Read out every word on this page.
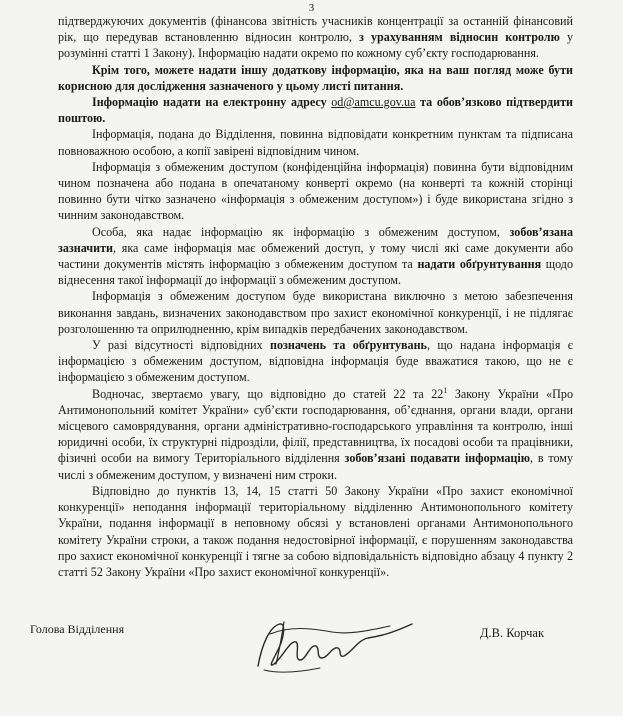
3

підтверджуючих документів (фінансова звітність учасників концентрації за останній фінансовий рік, що передував встановленню відносин контролю, з урахуванням відносин контролю у розумінні статті 1 Закону). Інформацію надати окремо по кожному суб’єкту господарювання.

Крім того, можете надати іншу додаткову інформацію, яка на ваш погляд може бути корисною для дослідження зазначеного у цьому листі питання.

Інформацію надати на електронну адресу od@amcu.gov.ua та обов’язково підтвердити поштою.

Інформація, подана до Відділення, повинна відповідати конкретним пунктам та підписана повноважною особою, а копії завірені відповідним чином.

Інформація з обмеженим доступом (конфіденційна інформація) повинна бути відповідним чином позначена або подана в опечатаному конверті окремо (на конверті та кожній сторінці повинно бути чітко зазначено «інформація з обмеженим доступом») і буде використана згідно з чинним законодавством.

Особа, яка надає інформацію як інформацію з обмеженим доступом, зобов’язана зазначити, яка саме інформація має обмежений доступ, у тому числі які саме документи або частини документів містять інформацію з обмеженим доступом та надати обґрунтування щодо віднесення такої інформації до інформації з обмеженим доступом.

Інформація з обмеженим доступом буде використана виключно з метою забезпечення виконання завдань, визначених законодавством про захист економічної конкуренції, і не підлягає розголошенню та оприлюдненню, крім випадків передбачених законодавством.

У разі відсутності відповідних позначень та обґрунтувань, що надана інформація є інформацією з обмеженим доступом, відповідна інформація буде вважатися такою, що не є інформацією з обмеженим доступом.

Водночас, звертаємо увагу, що відповідно до статей 22 та $22^1$ Закону України «Про Антимонопольний комітет України» суб’єкти господарювання, об’єднання, органи влади, органи місцевого самоврядування, органи адміністративно-господарського управління та контролю, інші юридичні особи, їх структурні підрозділи, філії, представництва, їх посадові особи та працівники, фізичні особи на вимогу Територіального відділення зобов’язані подавати інформацію, в тому числі з обмеженим доступом, у визначені ним строки.

Відповідно до пунктів 13, 14, 15 статті 50 Закону України «Про захист економічної конкуренції» неподання інформації територіальному відділенню Антимонопольного комітету України, подання інформації в неповному обсязі у встановлені органами Антимонопольного комітету України строки, а також подання недостовірної інформації, є порушенням законодавства про захист економічної конкуренції і тягне за собою відповідальність відповідно абзацу 4 пункту 2 статті 52 Закону України «Про захист економічної конкуренції».

Голова Відділення	Д.В. Корчак
